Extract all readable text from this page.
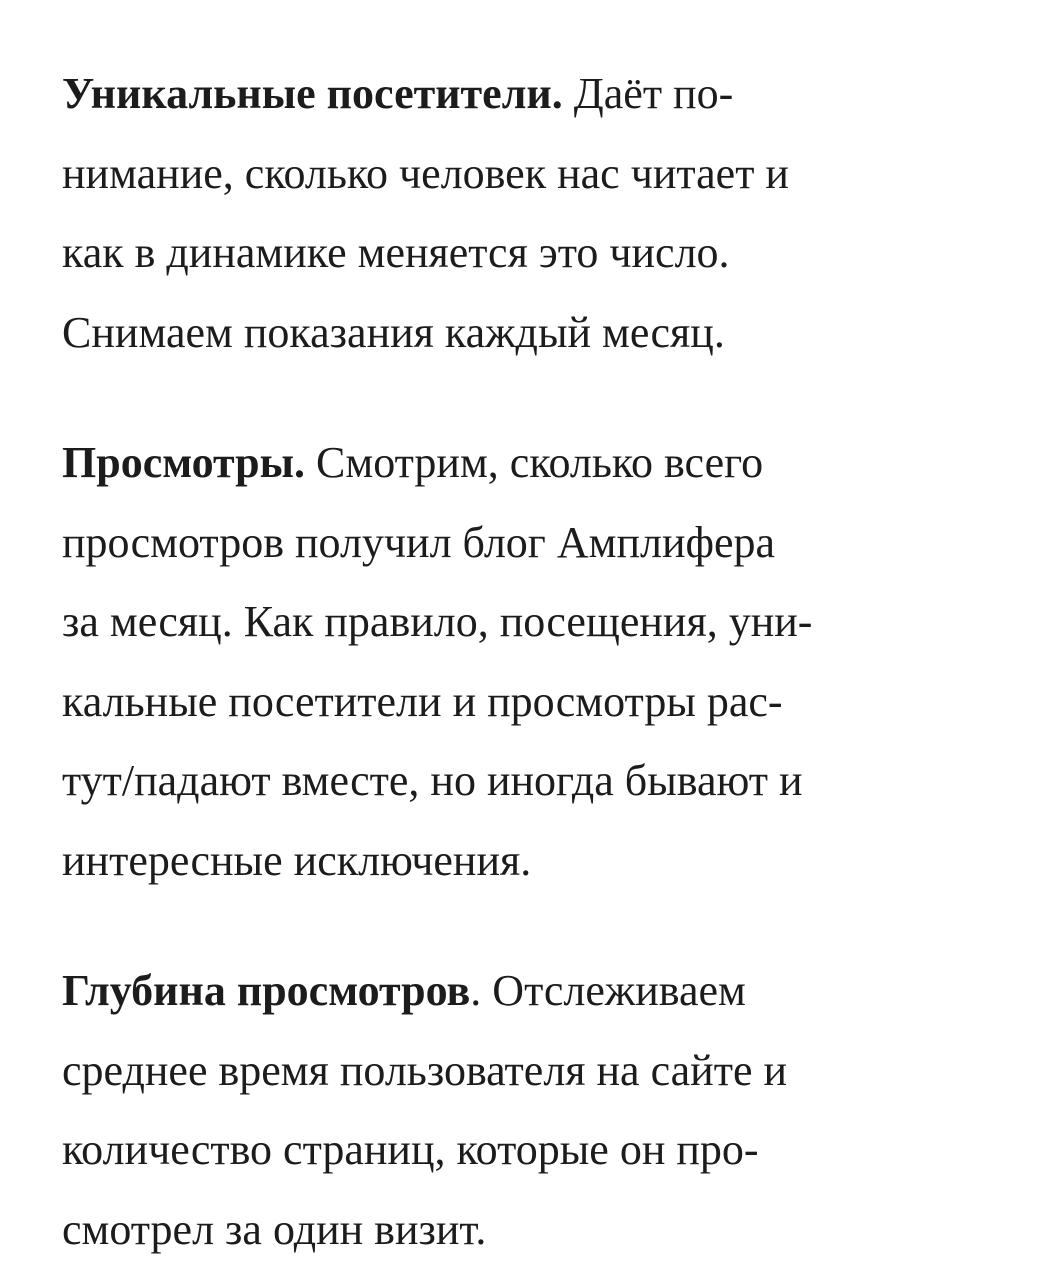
Уникальные посетители. Даёт по-
нимание, сколько человек нас читает и
как в динамике меняется это число.
Снимаем показания каждый месяц.

Просмотры. Смотрим, сколько всего
просмотров получил блог Амплифера
за месяц. Как правило, посещения, уни-
кальные посетители и просмотры рас-
тут/падают вместе, но иногда бывают и
интересные исключения.

Глубина просмотров. Отслеживаем
среднее время пользователя на сайте и
количество страниц, которые он про-
смотрел за один визит.
